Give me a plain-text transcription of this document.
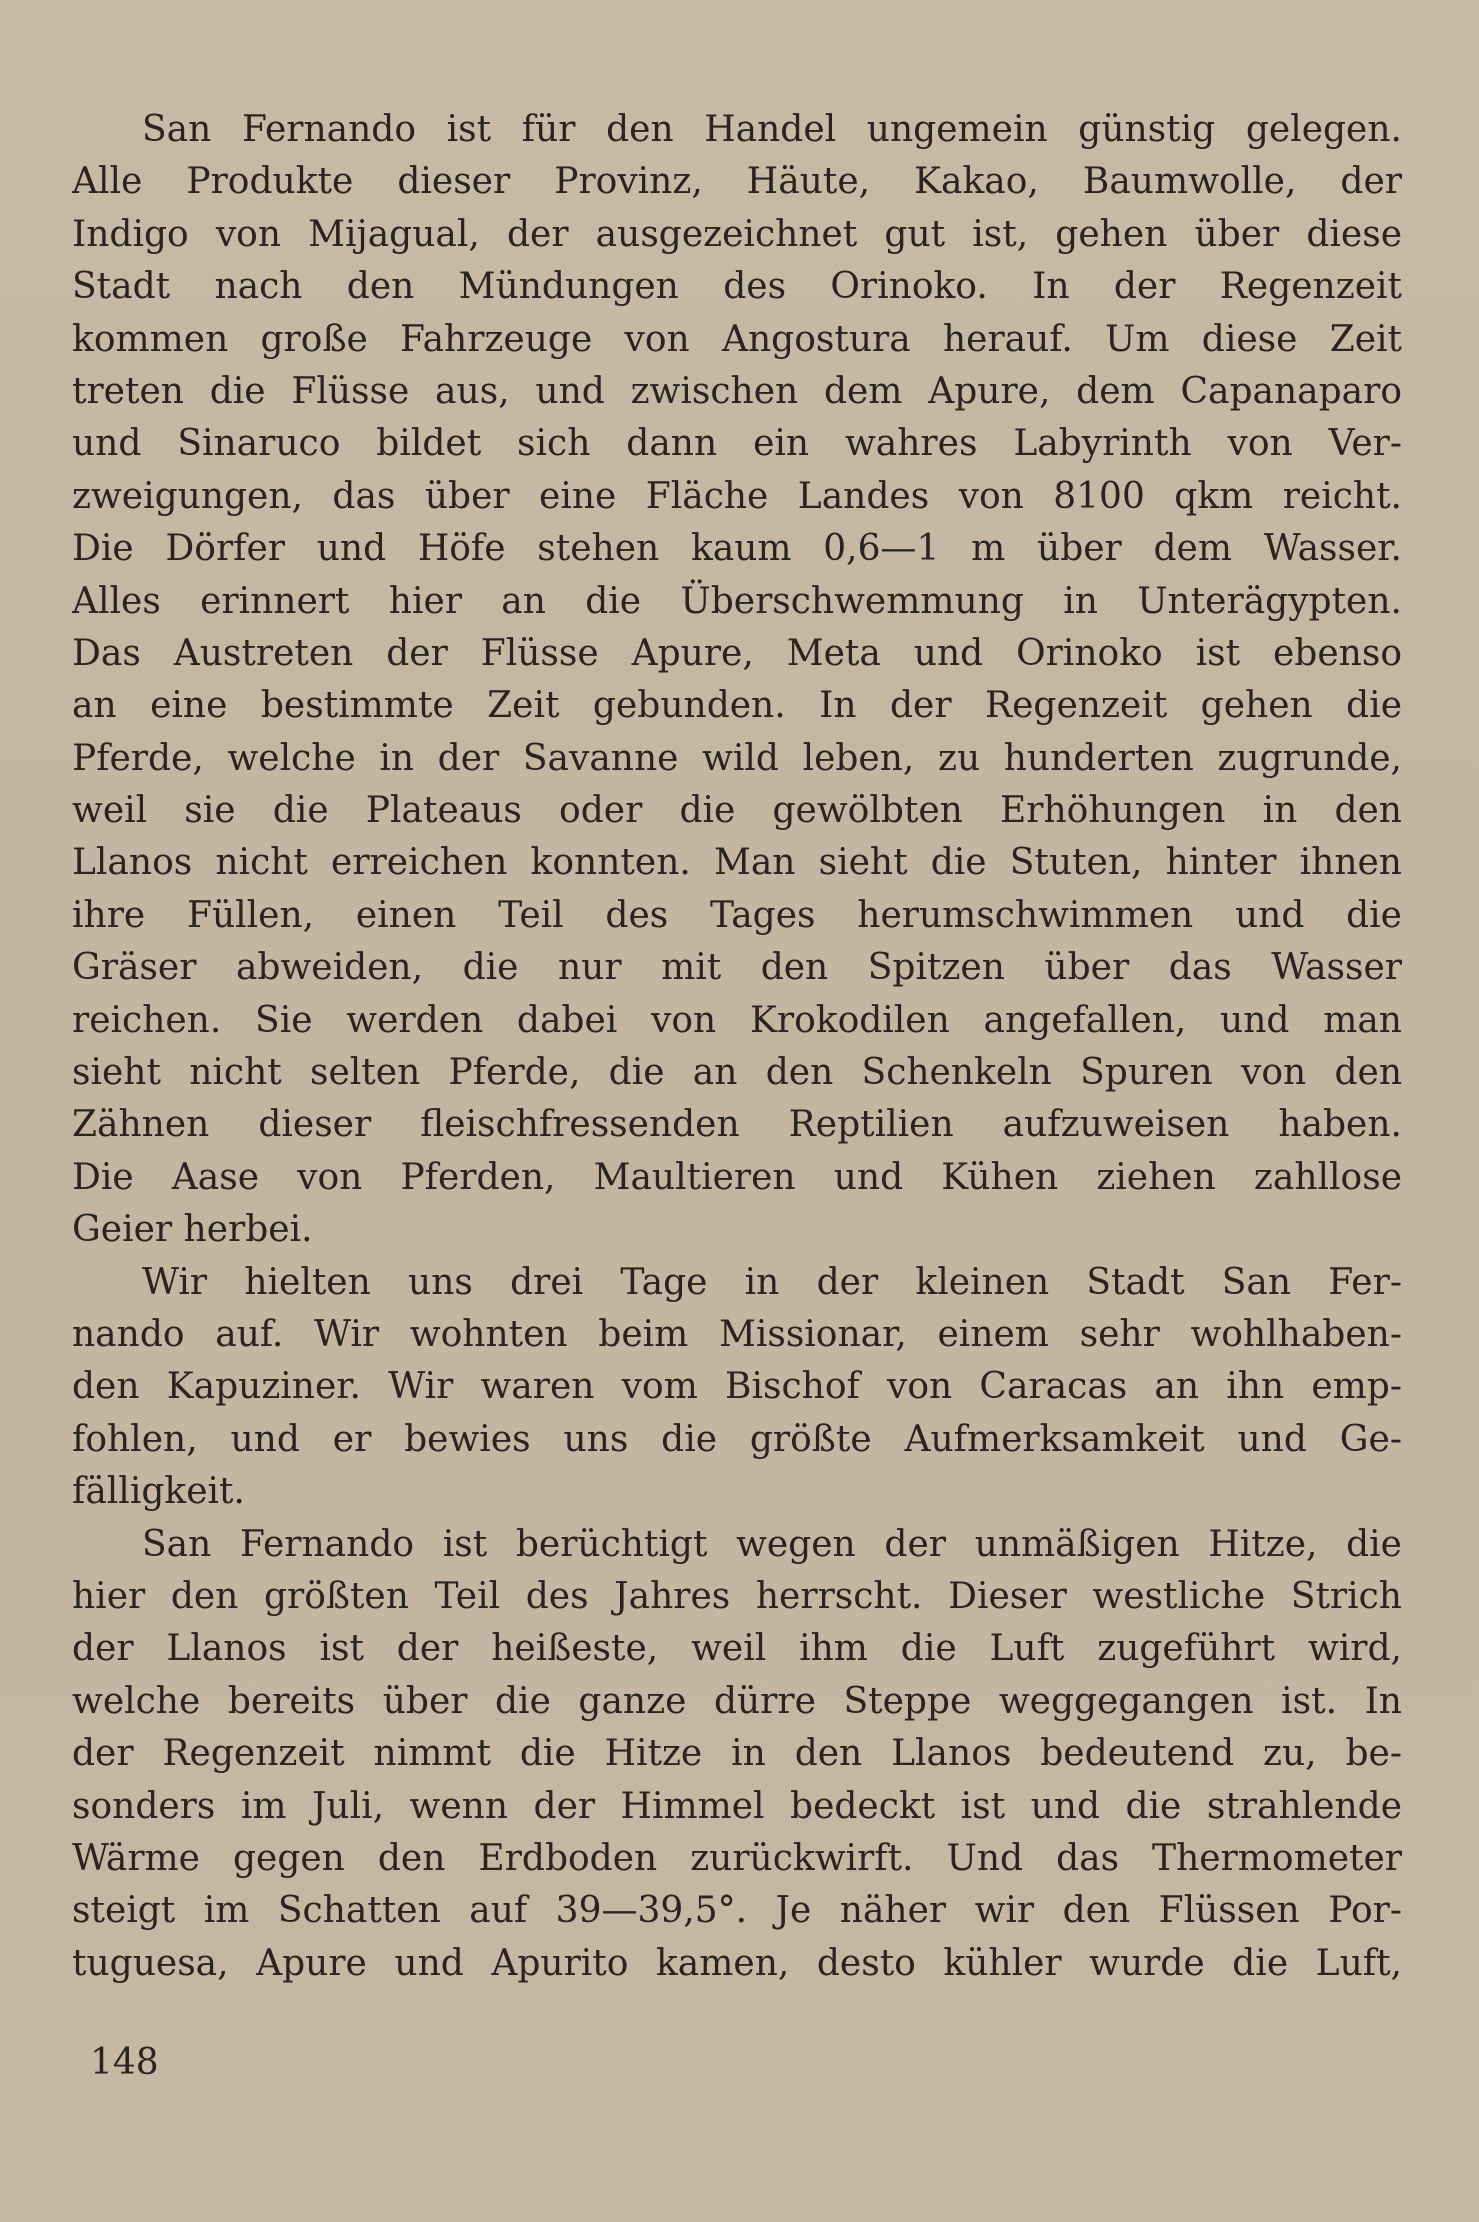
San Fernando ist für den Handel ungemein günstig gelegen.
Alle Produkte dieser Provinz, Häute, Kakao, Baumwolle, der
Indigo von Mijagual, der ausgezeichnet gut ist, gehen über diese
Stadt nach den Mündungen des Orinoko. In der Regenzeit
kommen große Fahrzeuge von Angostura herauf. Um diese Zeit
treten die Flüsse aus, und zwischen dem Apure, dem Capanaparo
und Sinaruco bildet sich dann ein wahres Labyrinth von Ver-
zweigungen, das über eine Fläche Landes von 8100 qkm reicht.
Die Dörfer und Höfe stehen kaum 0,6—1 m über dem Wasser.
Alles erinnert hier an die Überschwemmung in Unterägypten.
Das Austreten der Flüsse Apure, Meta und Orinoko ist ebenso
an eine bestimmte Zeit gebunden. In der Regenzeit gehen die
Pferde, welche in der Savanne wild leben, zu hunderten zugrunde,
weil sie die Plateaus oder die gewölbten Erhöhungen in den
Llanos nicht erreichen konnten. Man sieht die Stuten, hinter ihnen
ihre Füllen, einen Teil des Tages herumschwimmen und die
Gräser abweiden, die nur mit den Spitzen über das Wasser
reichen. Sie werden dabei von Krokodilen angefallen, und man
sieht nicht selten Pferde, die an den Schenkeln Spuren von den
Zähnen dieser fleischfressenden Reptilien aufzuweisen haben.
Die Aase von Pferden, Maultieren und Kühen ziehen zahllose
Geier herbei.
Wir hielten uns drei Tage in der kleinen Stadt San Fer-
nando auf. Wir wohnten beim Missionar, einem sehr wohlhaben-
den Kapuziner. Wir waren vom Bischof von Caracas an ihn emp-
fohlen, und er bewies uns die größte Aufmerksamkeit und Ge-
fälligkeit.
San Fernando ist berüchtigt wegen der unmäßigen Hitze, die
hier den größten Teil des Jahres herrscht. Dieser westliche Strich
der Llanos ist der heißeste, weil ihm die Luft zugeführt wird,
welche bereits über die ganze dürre Steppe weggegangen ist. In
der Regenzeit nimmt die Hitze in den Llanos bedeutend zu, be-
sonders im Juli, wenn der Himmel bedeckt ist und die strahlende
Wärme gegen den Erdboden zurückwirft. Und das Thermometer
steigt im Schatten auf 39—39,5°. Je näher wir den Flüssen Por-
tuguesa, Apure und Apurito kamen, desto kühler wurde die Luft,
148
